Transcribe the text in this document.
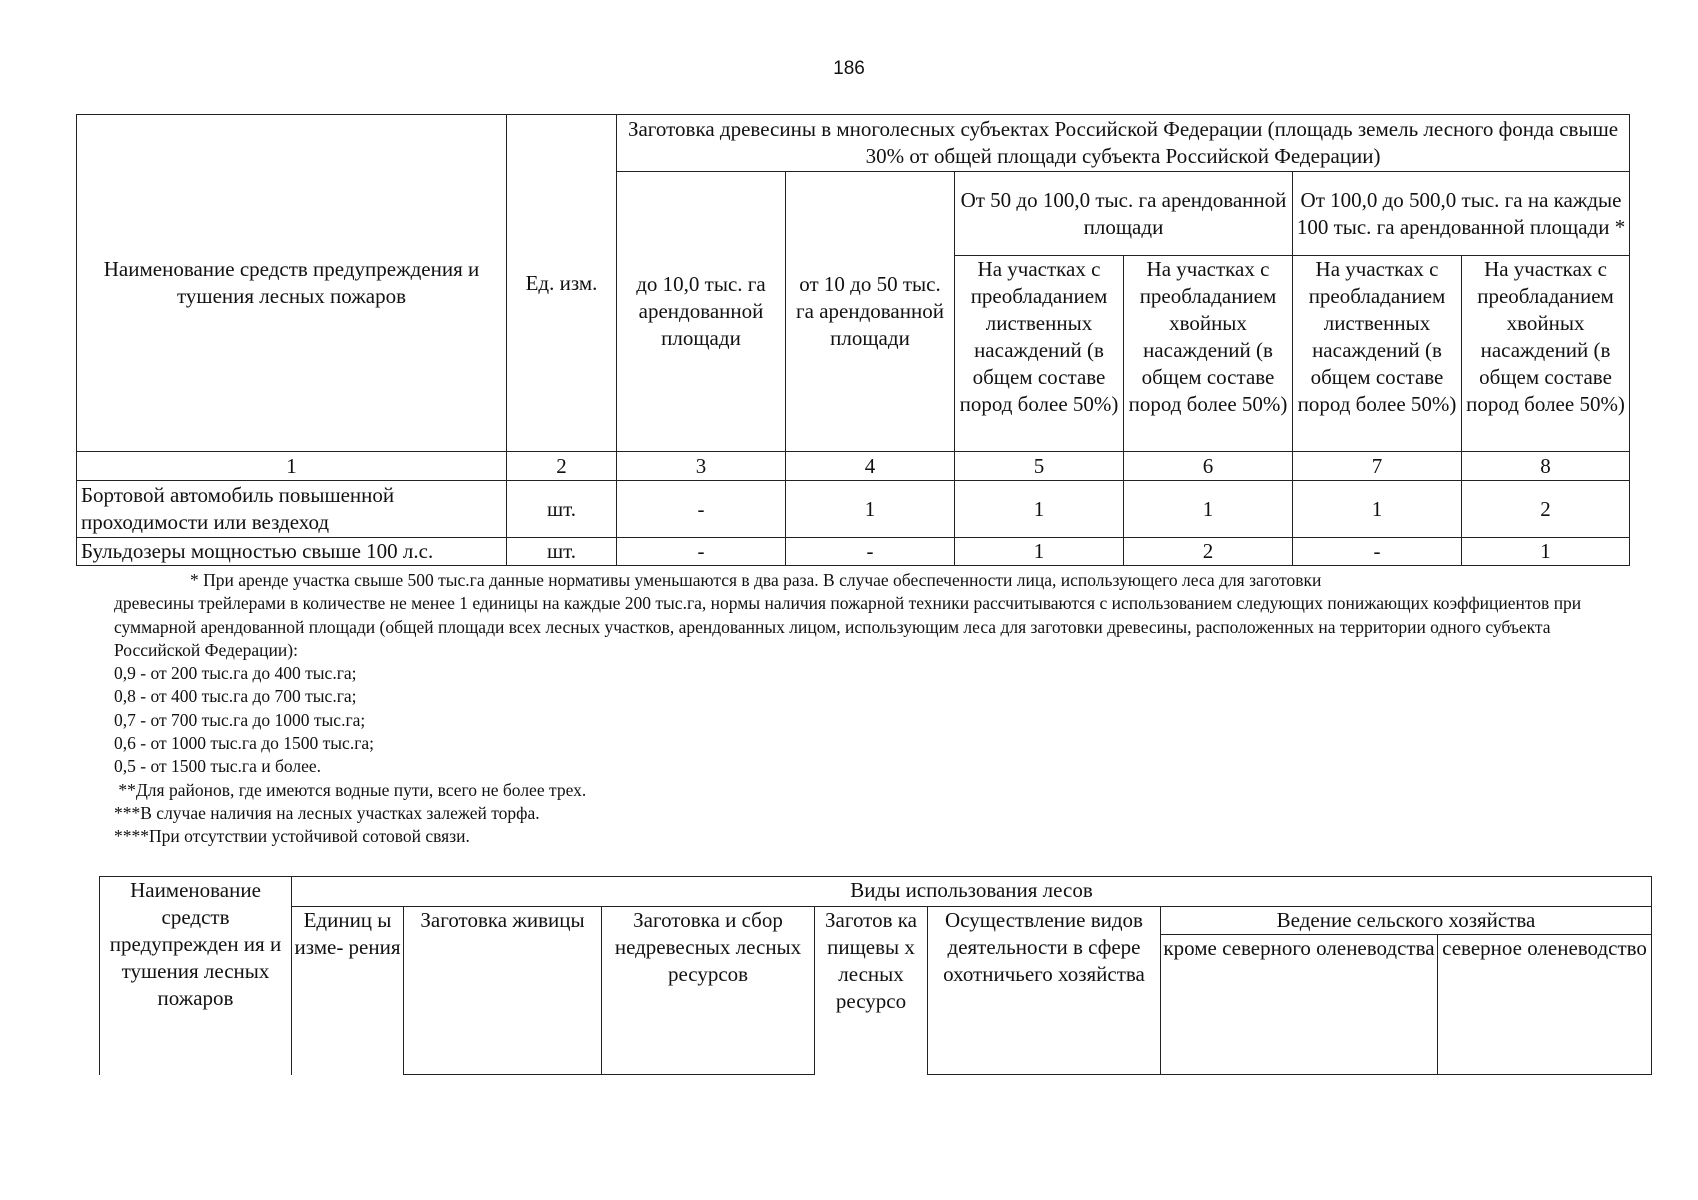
186
Наименование средств предупреждения и тушения лесных пожаров	Ед. изм.	Заготовка древесины в многолесных субъектах Российской Федерации (площадь земель лесного фонда свыше 30% от общей площади субъекта Российской Федерации)					
		до 10,0 тыс. га арендованной площади	от 10 до 50 тыс. га арендованной площади	От 50 до 100,0 тыс. га арендованной площади		От 100,0 до 500,0 тыс. га на каждые 100 тыс. га арендованной площади *	
				На участках с преобладанием лиственных насаждений (в общем составе пород более 50%)	На участках с преобладанием хвойных насаждений (в общем составе пород более 50%)	На участках с преобладанием лиственных насаждений (в общем составе пород более 50%)	На участках с преобладанием хвойных насаждений (в общем составе пород более 50%)
1	2	3	4	5	6	7	8
Бортовой автомобиль повышенной проходимости или вездеход	шт.	-	1	1	1	1	2
Бульдозеры мощностью свыше 100 л.с.	шт.	-	-	1	2	-	1
* При аренде участка свыше 500 тыс.га данные нормативы уменьшаются в два раза. В случае обеспеченности лица, использующего леса для заготовки
древесины трейлерами в количестве не менее 1 единицы на каждые 200 тыс.га, нормы наличия пожарной техники рассчитываются с использованием следующих понижающих коэффициентов при суммарной арендованной площади (общей площади всех лесных участков, арендованных лицом, использующим леса для заготовки древесины, расположенных на территории одного субъекта Российской Федерации):
0,9 - от 200 тыс.га до 400 тыс.га;
0,8 - от 400 тыс.га до 700 тыс.га;
0,7 - от 700 тыс.га до 1000 тыс.га;
0,6 - от 1000 тыс.га до 1500 тыс.га;
0,5 - от 1500 тыс.га и более.
**Для районов, где имеются водные пути, всего не более трех.
***В случае наличия на лесных участках залежей торфа.
****При отсутствии устойчивой сотовой связи.
Наименование средств предупрежден ия и тушения лесных пожаров	Виды использования лесов						
	Единиц ы изме- рения	Заготовка живицы	Заготовка и сбор недревесных лесных ресурсов	Заготов ка пищевы х лесных ресурсо	Осуществление видов деятельности в сфере охотничьего хозяйства	Ведение сельского хозяйства	
						кроме северного оленеводства	северное оленеводство
